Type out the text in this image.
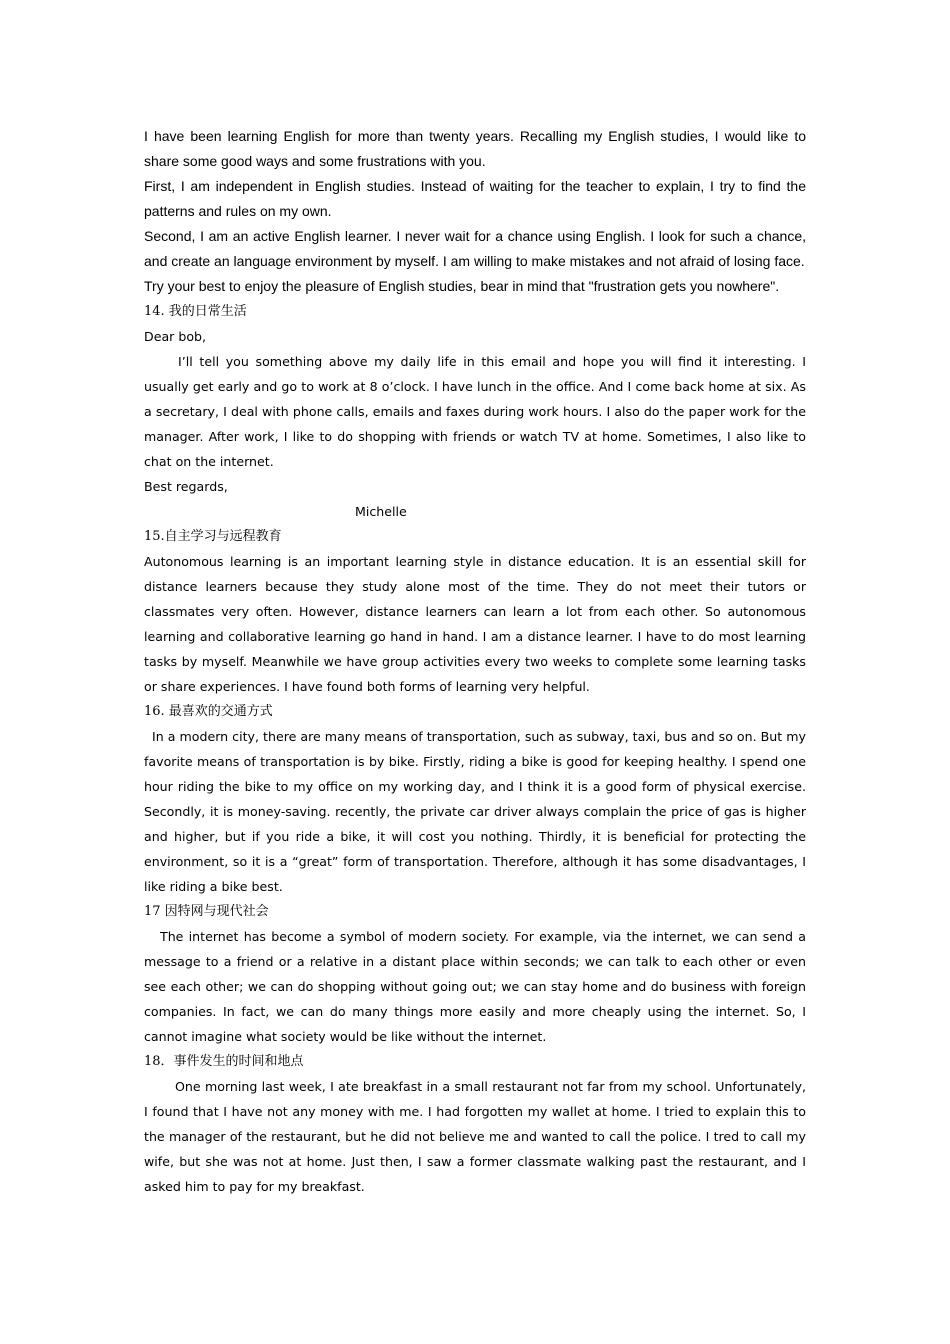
I have been learning English for more than twenty years. Recalling my English studies, I would like to share some good ways and some frustrations with you.

First, I am independent in English studies. Instead of waiting for the teacher to explain, I try to find the patterns and rules on my own.

Second, I am an active English learner. I never wait for a chance using English. I look for such a chance, and create an language environment by myself. I am willing to make mistakes and not afraid of losing face.

Try your best to enjoy the pleasure of English studies, bear in mind that "frustration gets you nowhere".

14. 我的日常生活

Dear bob,

I’ll tell you something above my daily life in this email and hope you will find it interesting. I usually get early and go to work at 8 o’clock. I have lunch in the office. And I come back home at six. As a secretary, I deal with phone calls, emails and faxes during work hours. I also do the paper work for the manager. After work, I like to do shopping with friends or watch TV at home. Sometimes, I also like to chat on the internet.

Best regards,

Michelle

15.自主学习与远程教育

Autonomous learning is an important learning style in distance education. It is an essential skill for distance learners because they study alone most of the time. They do not meet their tutors or classmates very often. However, distance learners can learn a lot from each other. So autonomous learning and collaborative learning go hand in hand. I am a distance learner. I have to do most learning tasks by myself. Meanwhile we have group activities every two weeks to complete some learning tasks or share experiences. I have found both forms of learning very helpful.

16. 最喜欢的交通方式

In a modern city, there are many means of transportation, such as subway, taxi, bus and so on. But my favorite means of transportation is by bike. Firstly, riding a bike is good for keeping healthy. I spend one hour riding the bike to my office on my working day, and I think it is a good form of physical exercise. Secondly, it is money-saving. recently, the private car driver always complain the price of gas is higher and higher, but if you ride a bike, it will cost you nothing. Thirdly, it is beneficial for protecting the environment, so it is a “great” form of transportation. Therefore, although it has some disadvantages, I like riding a bike best.

17 因特网与现代社会

The internet has become a symbol of modern society. For example, via the internet, we can send a message to a friend or a relative in a distant place within seconds; we can talk to each other or even see each other; we can do shopping without going out; we can stay home and do business with foreign companies. In fact, we can do many things more easily and more cheaply using the internet. So, I cannot imagine what society would be like without the internet.

18．事件发生的时间和地点

One morning last week, I ate breakfast in a small restaurant not far from my school. Unfortunately, I found that I have not any money with me. I had forgotten my wallet at home. I tried to explain this to the manager of the restaurant, but he did not believe me and wanted to call the police. I tred to call my wife, but she was not at home. Just then, I saw a former classmate walking past the restaurant, and I asked him to pay for my breakfast.
